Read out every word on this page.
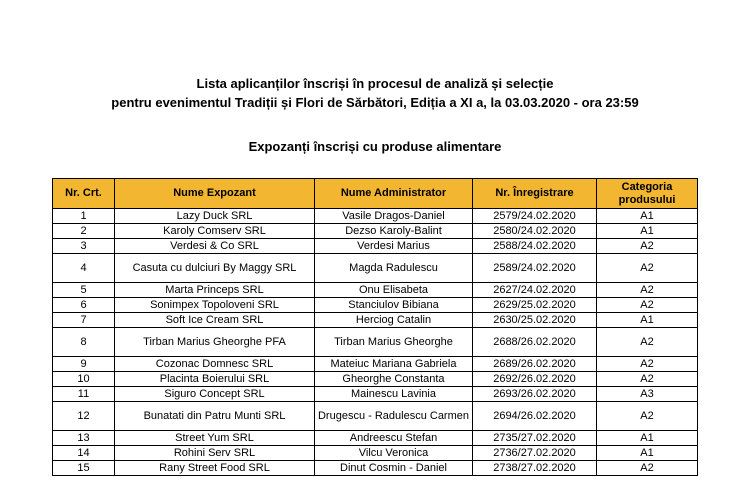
Lista aplicanților înscriși în procesul de analiză și selecție
pentru evenimentul Tradiții și Flori de Sărbători, Ediția a XI a, la 03.03.2020 - ora 23:59
Expozanți înscriși cu produse alimentare
Nr. Crt.	Nume Expozant	Nume Administrator	Nr. Înregistrare	Categoria produsului
1	Lazy Duck SRL	Vasile Dragos-Daniel	2579/24.02.2020	A1
2	Karoly Comserv SRL	Dezso Karoly-Balint	2580/24.02.2020	A1
3	Verdesi & Co SRL	Verdesi Marius	2588/24.02.2020	A2
4	Casuta cu dulciuri By Maggy SRL	Magda Radulescu	2589/24.02.2020	A2
5	Marta Princeps SRL	Onu Elisabeta	2627/24.02.2020	A2
6	Sonimpex Topoloveni SRL	Stanciulov Bibiana	2629/25.02.2020	A2
7	Soft Ice Cream SRL	Herciog Catalin	2630/25.02.2020	A1
8	Tirban Marius Gheorghe PFA	Tirban Marius Gheorghe	2688/26.02.2020	A2
9	Cozonac Domnesc SRL	Mateiuc Mariana Gabriela	2689/26.02.2020	A2
10	Placinta Boierului SRL	Gheorghe Constanta	2692/26.02.2020	A2
11	Siguro Concept SRL	Mainescu Lavinia	2693/26.02.2020	A3
12	Bunatati din Patru Munti SRL	Drugescu - Radulescu Carmen	2694/26.02.2020	A2
13	Street Yum SRL	Andreescu Stefan	2735/27.02.2020	A1
14	Rohini Serv SRL	Vilcu Veronica	2736/27.02.2020	A1
15	Rany Street Food SRL	Dinut Cosmin - Daniel	2738/27.02.2020	A2
